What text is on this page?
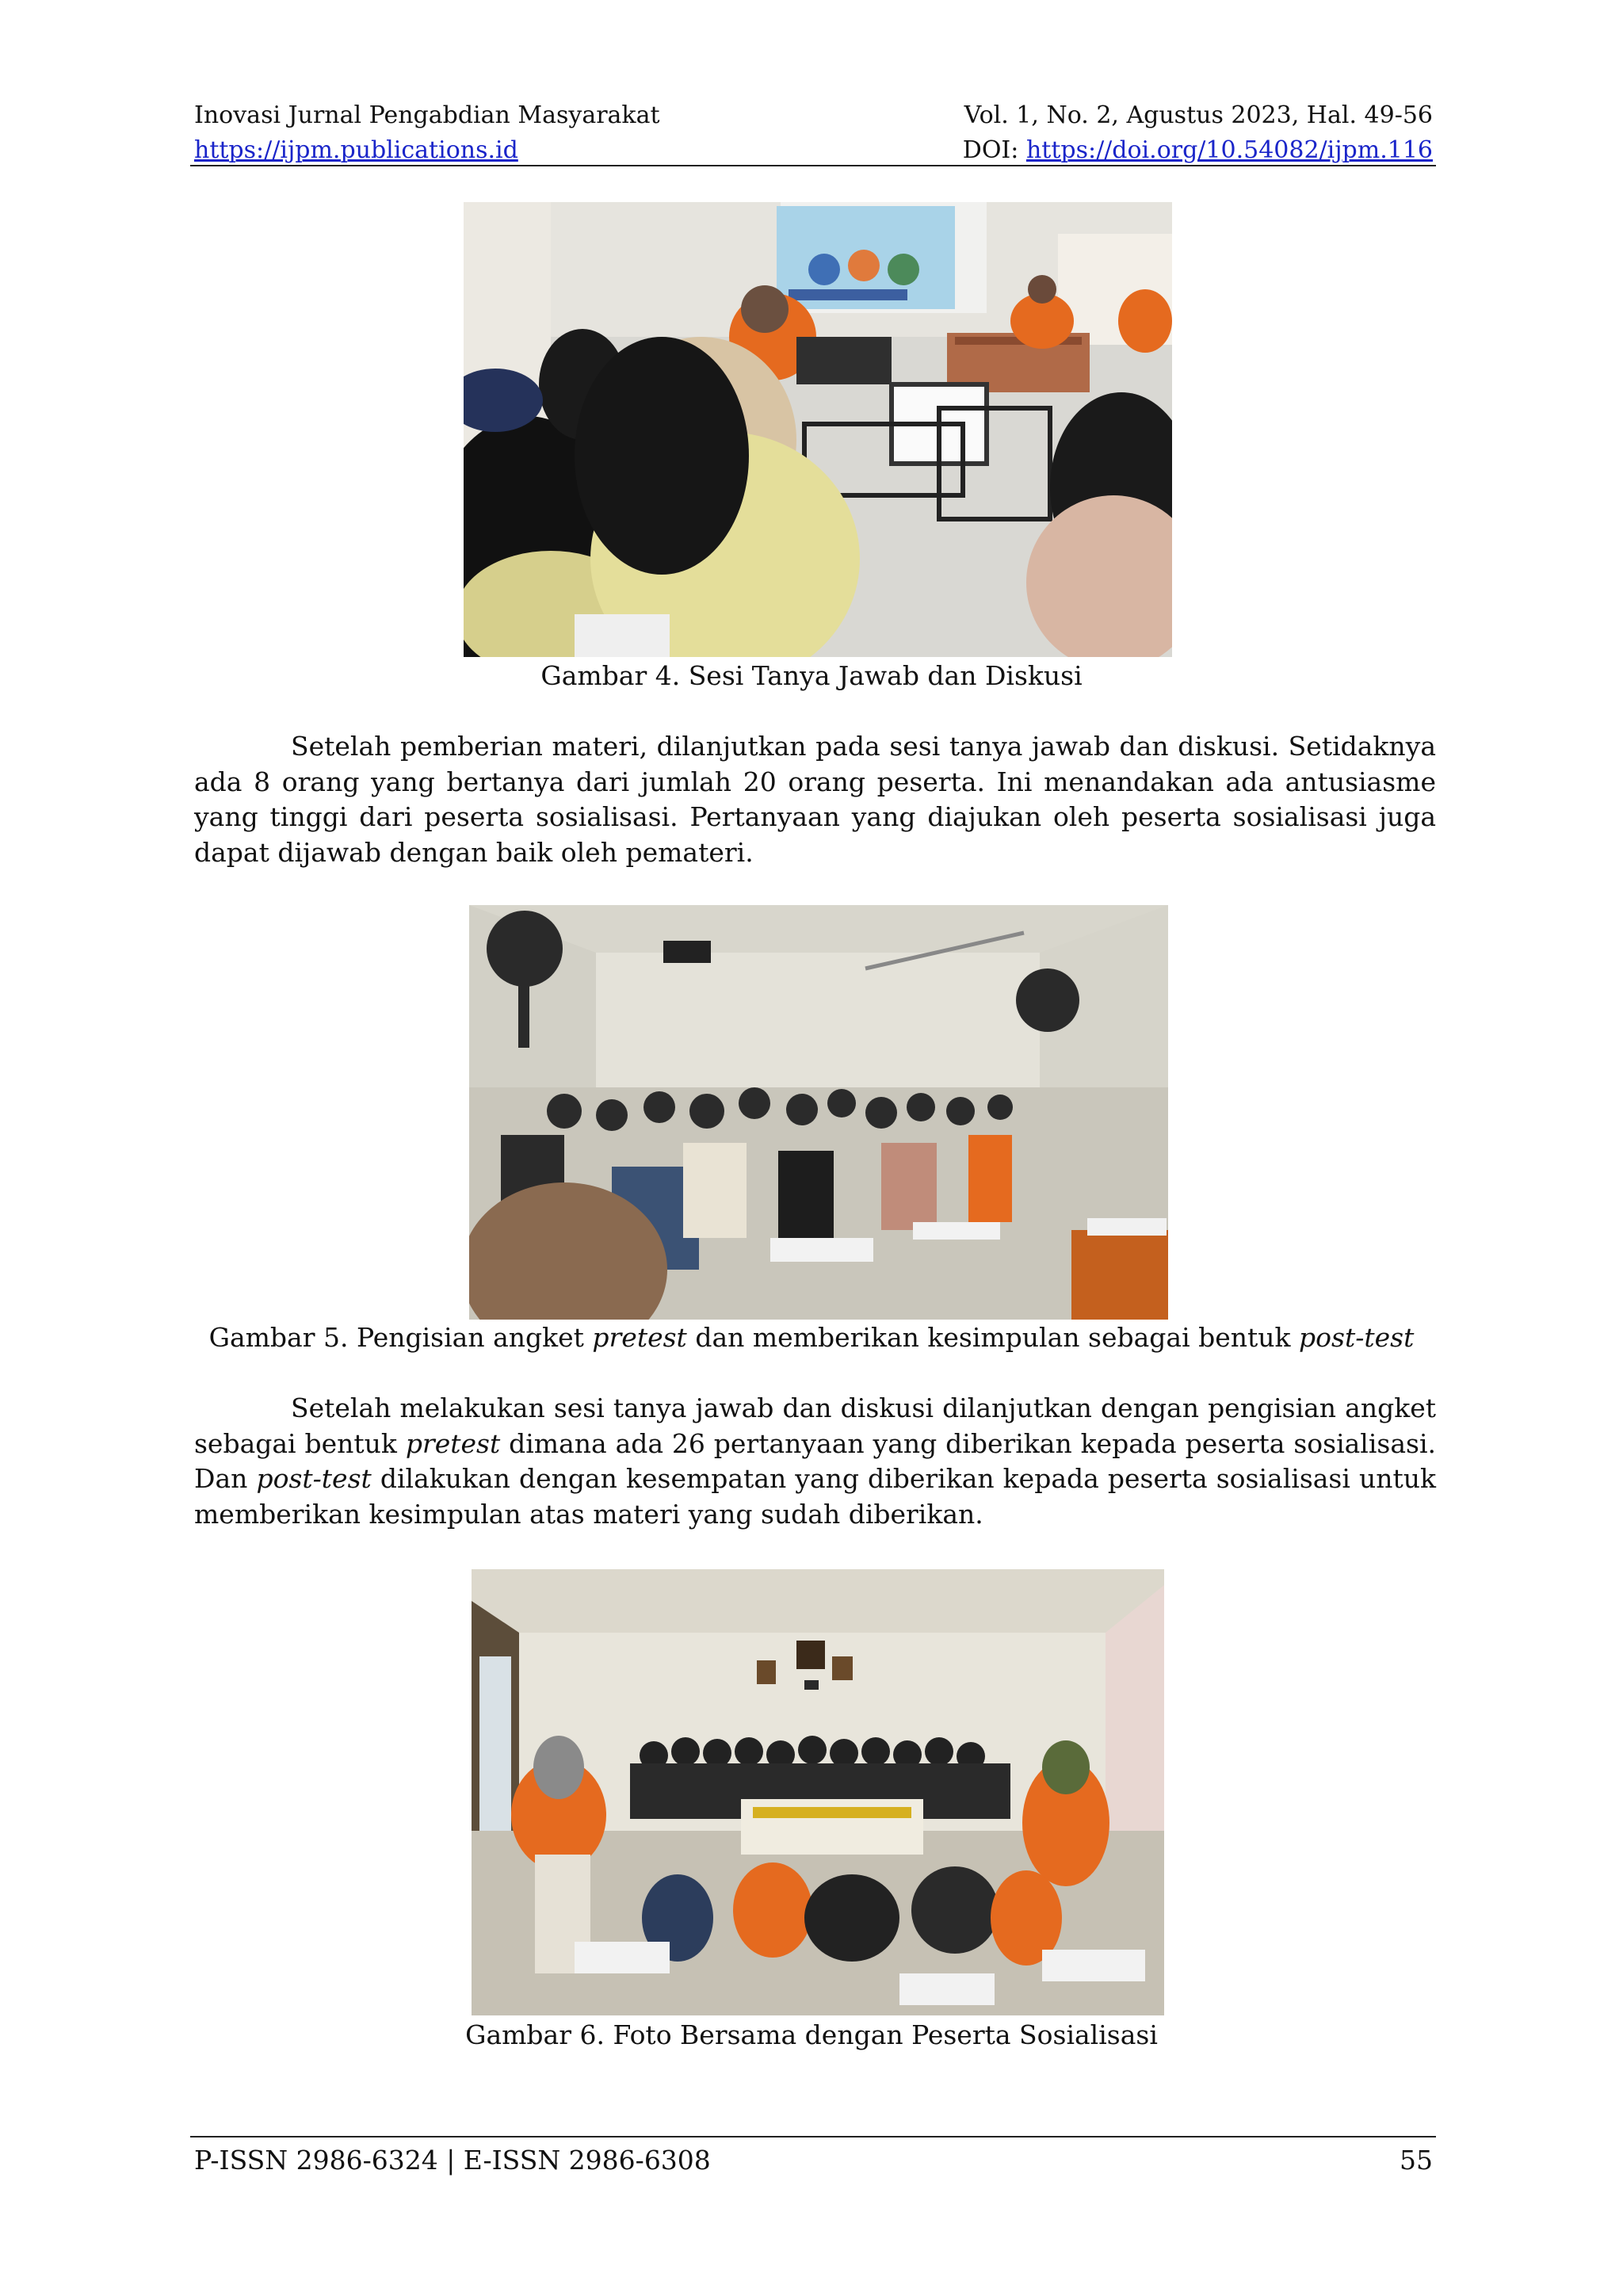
Inovasi Jurnal Pengabdian Masyarakat	Vol. 1, No. 2, Agustus 2023, Hal. 49-56
https://ijpm.publications.id	DOI: https://doi.org/10.54082/ijpm.116
Gambar 4. Sesi Tanya Jawab dan Diskusi
Setelah pemberian materi, dilanjutkan pada sesi tanya jawab dan diskusi. Setidaknya ada 8 orang yang bertanya dari jumlah 20 orang peserta. Ini menandakan ada antusiasme yang tinggi dari peserta sosialisasi. Pertanyaan yang diajukan oleh peserta sosialisasi juga dapat dijawab dengan baik oleh pemateri.
Gambar 5. Pengisian angket pretest dan memberikan kesimpulan sebagai bentuk post-test
Setelah melakukan sesi tanya jawab dan diskusi dilanjutkan dengan pengisian angket sebagai bentuk pretest dimana ada 26 pertanyaan yang diberikan kepada peserta sosialisasi. Dan post-test dilakukan dengan kesempatan yang diberikan kepada peserta sosialisasi untuk memberikan kesimpulan atas materi yang sudah diberikan.
Gambar 6. Foto Bersama dengan Peserta Sosialisasi
P-ISSN 2986-6324 | E-ISSN 2986-6308	55
